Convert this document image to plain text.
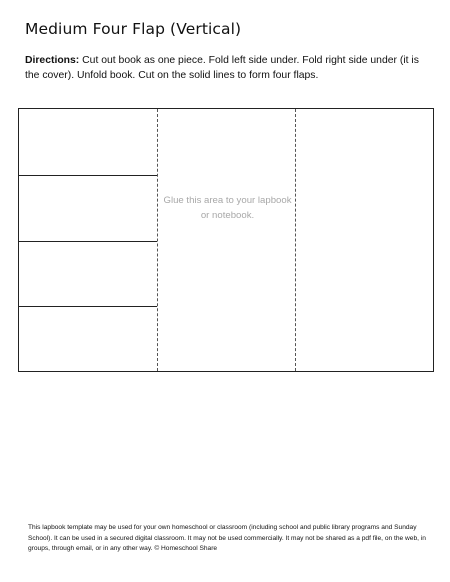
Medium Four Flap (Vertical)
Directions: Cut out book as one piece. Fold left side under. Fold right side under (it is the cover). Unfold book. Cut on the solid lines to form four flaps.
Glue this area to your lapbook or notebook.
This lapbook template may be used for your own homeschool or classroom (including school and public library programs and Sunday School). It can be used in a secured digital classroom. It may not be used commercially. It may not be shared as a pdf file, on the web, in groups, through email, or in any other way. © Homeschool Share
